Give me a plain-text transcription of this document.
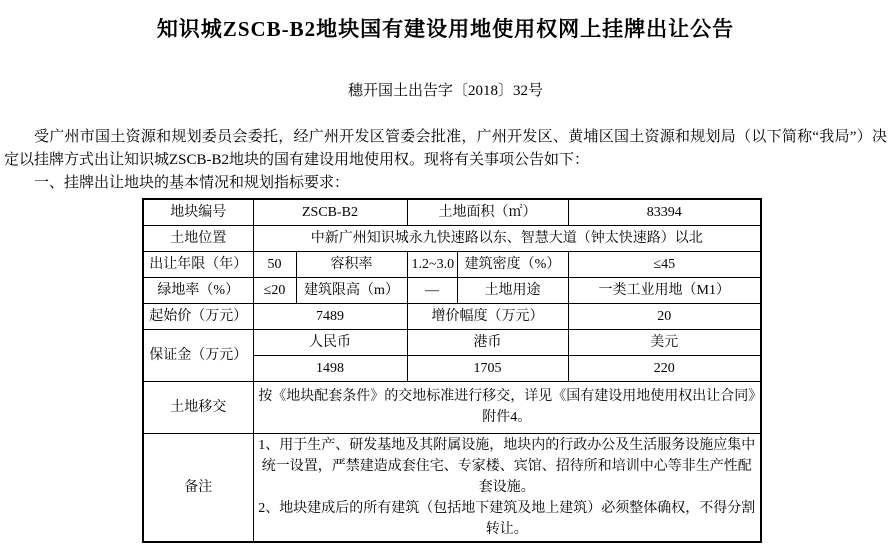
知识城ZSCB-B2地块国有建设用地使用权网上挂牌出让公告
穗开国土出告字〔2018〕32号

受广州市国土资源和规划委员会委托，经广州开发区管委会批准，广州开发区、黄埔区国土资源和规划局（以下简称“我局”）决定以挂牌方式出让知识城ZSCB-B2地块的国有建设用地使用权。现将有关事项公告如下：

一、挂牌出让地块的基本情况和规划指标要求：

地块编号	ZSCB-B2		土地面积（㎡）		83394
土地位置	中新广州知识城永九快速路以东、智慧大道（钟太快速路）以北				
出让年限（年）	50	容积率	1.2~3.0	建筑密度（%）	≤45
绿地率（%）	≤20	建筑限高（m）	—	土地用途	一类工业用地（M1）
起始价（万元）	7489		增价幅度（万元）		20
保证金（万元）	人民币		港币		美元
	1498		1705		220
土地移交	按《地块配套条件》的交地标准进行移交，详见《国有建设用地使用权出让合同》附件4。				
备注	1、用于生产、研发基地及其附属设施，地块内的行政办公及生活服务设施应集中统一设置，严禁建造成套住宅、专家楼、宾馆、招待所和培训中心等非生产性配套设施。
2、地块建成后的所有建筑（包括地下建筑及地上建筑）必须整体确权，不得分割转让。				
